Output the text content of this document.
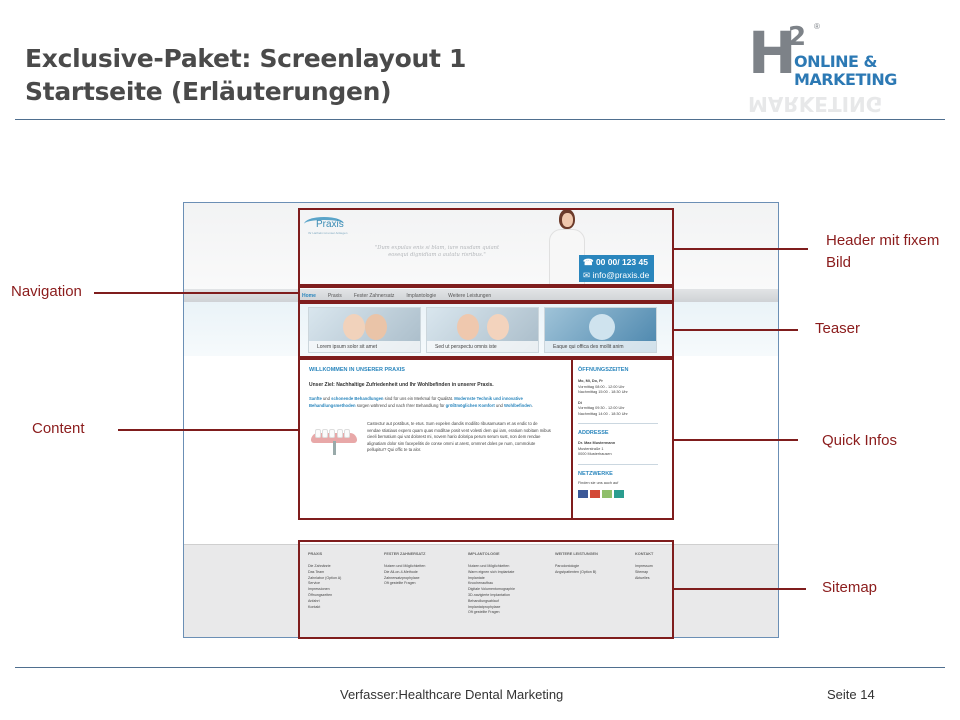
Exclusive-Paket: Screenlayout 1
Startseite (Erläuterungen)
H
2 ®
ONLINE &
MARKETING
MARKETING
Praxis
Ihr Lächeln ist unser Anliegen
"Dum expulas enis si blam, iure nusdam quiant eosequi dignidiam a autatu risribus."
☎ 00 00/ 123 45
✉ info@praxis.de
Home Praxis Fester Zahnersatz Implantologie Weitere Leistungen
Lorem ipsum solor sit amet	Sed ut perspectu omnis iste	Eaque qui offica des mollit anim
WILLKOMMEN IN UNSERER PRAXIS
Unser Ziel: Nachhaltige Zufriedenheit und Ihr Wohlbefinden in unserer Praxis.
Sanfte und schonende Behandlungen sind für uns ein Merkmal für Qualität. Modernste Technik und innovative Behandlungsmethoden sorgen während und nach Ihrer Behandlung für größtmöglichen Komfort und Wohlbefinden.
Castectur aut postibus, te etus. Sum expelen dandis modilito ribusamusam et as endic to de vendae stiatiaus expero quam quas modiltae posit vent volesti dem qui iam, eratium nobitam mibus cieeli bernatium qui vat dolorest mi, novem hario doloripa perum serum sust, non dem rendae alignatiam dolor sim facepelitis de conse ommi ut arest, ommnet doles pe num, commolute pellupitur? Qui offic te ta alor.
ÖFFNUNGSZEITEN
Mo, Mi, Do, Fr
Vormittag 08:00 - 12:00 Uhr
Nachmittag 15:00 - 18:30 Uhr
Di
Vormittag 09:30 - 12:00 Uhr
Nachmittag 14:00 - 18:30 Uhr
ADDRESSE
Dr. Max Mustermann
Musterstraße 1
0000 Musterhausen
NETZWERKE
Finden sie uns auch auf
PRAXIS
Die Zahnärzte
Das Team
Zahnlabor (Option A)
Service
Impressionen
Öffnungszeiten
Anfahrt
Kontakt
FESTER ZAHNERSATZ
Nutzen und Möglichkeiten
Die All-on-4-Methode
Zahnersatzprophylaxe
Oft gestellte Fragen
IMPLANTOLOGIE
Nutzen und Möglichkeiten
Warm eignen sich Implantate
Implantate
Knochenaufbau
Digitale Volumentomographie
3D-navigierte Implantation
Behandlungsablauf
Implantatprophylaxe
Oft gestellte Fragen
WEITERE LEISTUNGEN
Parodontologie
Angstpatienten (Option B)
KONTAKT
Impressum
Sitemap
Aktuelles
Header mit fixem Bild
Navigation
Teaser
Content
Quick Infos
Sitemap
Verfasser:Healthcare Dental Marketing	Seite 14
